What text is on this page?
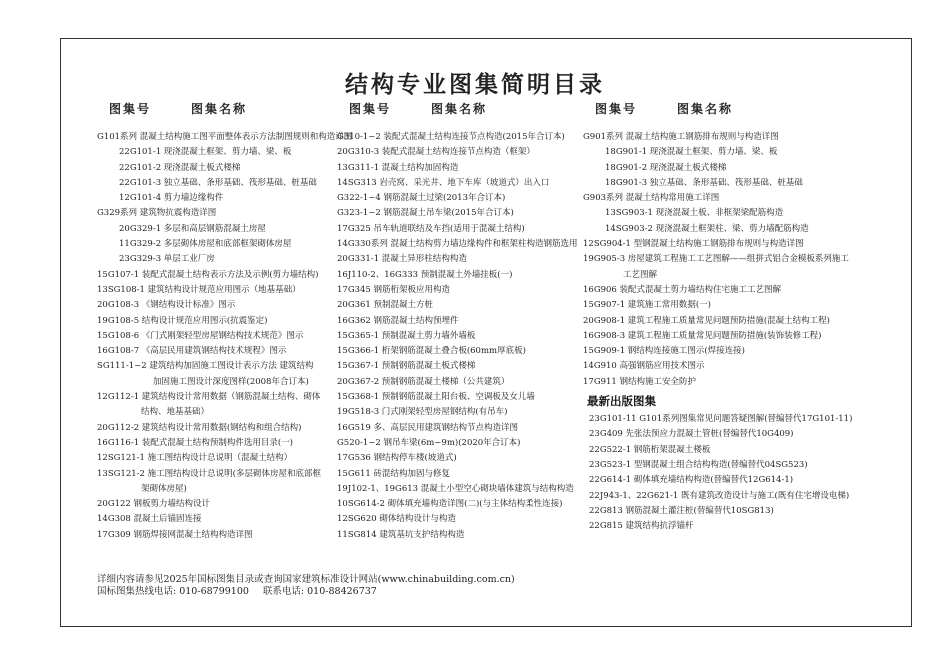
结构专业图集简明目录
图集号	图集名称
G101系列 混凝土结构施工图平面整体表示方法制图规则和构造详图
22G101-1 现浇混凝土框架、剪力墙、梁、板
22G101-2 现浇混凝土板式楼梯
22G101-3 独立基础、条形基础、筏形基础、桩基础
12G101-4 剪力墙边缘构件
G329系列 建筑物抗震构造详图
20G329-1 多层和高层钢筋混凝土房屋
11G329-2 多层砌体房屋和底部框架砌体房屋
23G329-3 单层工业厂房
15G107-1 装配式混凝土结构表示方法及示例(剪力墙结构)
13SG108-1 建筑结构设计规范应用图示（地基基础）
20G108-3 《钢结构设计标准》图示
19G108-5 结构设计规范应用图示(抗震鉴定)
15G108-6 《门式刚架轻型房屋钢结构技术规范》图示
16G108-7 《高层民用建筑钢结构技术规程》图示
SG111-1~2 建筑结构加固施工图设计表示方法 建筑结构
加固施工图设计深度图样(2008年合订本)
12G112-1 建筑结构设计常用数据（钢筋混凝土结构、砌体
结构、地基基础）
20G112-2 建筑结构设计常用数据(钢结构和组合结构)
16G116-1 装配式混凝土结构预制构件选用目录(一)
12SG121-1 施工图结构设计总说明（混凝土结构）
13SG121-2 施工图结构设计总说明(多层砌体房屋和底部框
架砌体房屋)
20G122 钢板剪力墙结构设计
14G308 混凝土后锚固连接
17G309 钢筋焊接网混凝土结构构造详图
图集号	图集名称
G310-1~2 装配式混凝土结构连接节点构造(2015年合订本)
20G310-3 装配式混凝土结构连接节点构造（框架）
13G311-1 混凝土结构加固构造
14SG313 岩壳窝、采光井、地下车库（坡道式）出入口
G322-1~4 钢筋混凝土过梁(2013年合订本)
G323-1~2 钢筋混凝土吊车梁(2015年合订本)
17G325 吊车轨道联结及车挡(适用于混凝土结构)
14G330系列 混凝土结构剪力墙边缘构件和框架柱构造钢筋选用
20G331-1 混凝土异形柱结构构造
16J110-2、16G333 预制混凝土外墙挂板(一)
17G345 钢筋桁架板应用构造
20G361 预制混凝土方桩
16G362 钢筋混凝土结构预埋件
15G365-1 预制混凝土剪力墙外墙板
15G366-1 桁架钢筋混凝土叠合板(60mm厚底板)
15G367-1 预制钢筋混凝土板式楼梯
20G367-2 预制钢筋混凝土楼梯（公共建筑）
15G368-1 预制钢筋混凝土阳台板、空调板及女儿墙
19G518-3 门式刚架轻型房屋钢结构(有吊车)
16G519 多、高层民用建筑钢结构节点构造详图
G520-1~2 钢吊车梁(6m~9m)(2020年合订本)
17G536 钢结构停车楼(坡道式)
15G611 砖混结构加固与修复
19J102-1、19G613 混凝土小型空心砌块墙体建筑与结构构造
10SG614-2 砌体填充墙构造详图(二)(与主体结构柔性连接)
12SG620 砌体结构设计与构造
11SG814 建筑基坑支护结构构造
图集号	图集名称
G901系列 混凝土结构施工钢筋排布规则与构造详图
18G901-1 现浇混凝土框架、剪力墙、梁、板
18G901-2 现浇混凝土板式楼梯
18G901-3 独立基础、条形基础、筏形基础、桩基础
G903系列 混凝土结构常用施工详图
13SG903-1 现浇混凝土板、非框架梁配筋构造
14SG903-2 现浇混凝土框架柱、梁、剪力墙配筋构造
12SG904-1 型钢混凝土结构施工钢筋排布规则与构造详图
19G905-3 房屋建筑工程施工工艺图解——组拼式铝合金模板系列施工
工艺图解
16G906 装配式混凝土剪力墙结构住宅施工工艺图解
15G907-1 建筑施工常用数据(一)
20G908-1 建筑工程施工质量常见问题预防措施(混凝土结构工程)
16G908-3 建筑工程施工质量常见问题预防措施(装饰装修工程)
15G909-1 钢结构连接施工图示(焊接连接)
14G910 高强钢筋应用技术图示
17G911 钢结构施工安全防护
最新出版图集
23G101-11 G101系列图集常见问题答疑图解(替编替代17G101-11)
23G409 先张法预应力混凝土管桩(替编替代10G409)
22G522-1 钢筋桁架混凝土楼板
23G523-1 型钢混凝土组合结构构造(替编替代04SG523)
22G614-1 砌体填充墙结构构造(替编替代12G614-1)
22J943-1、22G621-1 既有建筑改造设计与施工(既有住宅增设电梯)
22G813 钢筋混凝土灌注桩(替编替代10SG813)
22G815 建筑结构抗浮锚杆
详细内容请参见2025年国标图集目录或查询国家建筑标准设计网站(www.chinabuilding.com.cn)
国标图集热线电话: 010-68799100 联系电话: 010-88426737
